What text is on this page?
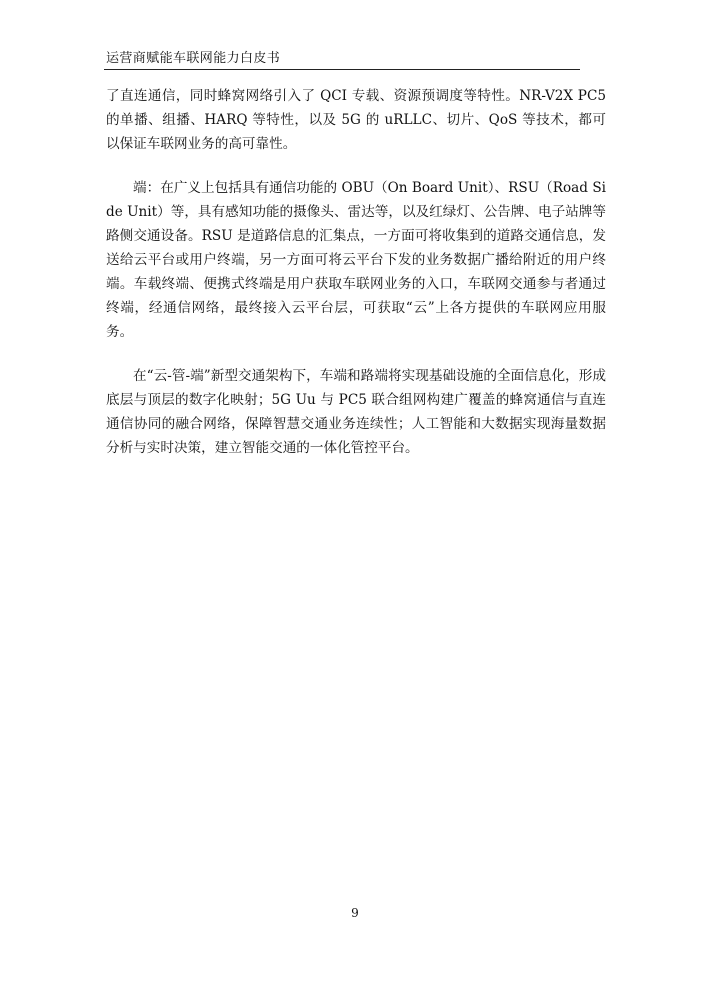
运营商赋能车联网能力白皮书

了直连通信，同时蜂窝网络引入了 QCI 专载、资源预调度等特性。NR-V2X PC5 的单播、组播、HARQ 等特性，以及 5G 的 uRLLC、切片、QoS 等技术，都可以保证车联网业务的高可靠性。

端：在广义上包括具有通信功能的 OBU（On Board Unit）、RSU（Road Side Unit）等，具有感知功能的摄像头、雷达等，以及红绿灯、公告牌、电子站牌等路侧交通设备。RSU 是道路信息的汇集点，一方面可将收集到的道路交通信息，发送给云平台或用户终端，另一方面可将云平台下发的业务数据广播给附近的用户终端。车载终端、便携式终端是用户获取车联网业务的入口，车联网交通参与者通过终端，经通信网络，最终接入云平台层，可获取“云”上各方提供的车联网应用服务。

在“云-管-端”新型交通架构下，车端和路端将实现基础设施的全面信息化，形成底层与顶层的数字化映射；5G Uu 与 PC5 联合组网构建广覆盖的蜂窝通信与直连通信协同的融合网络，保障智慧交通业务连续性；人工智能和大数据实现海量数据分析与实时决策，建立智能交通的一体化管控平台。

9
